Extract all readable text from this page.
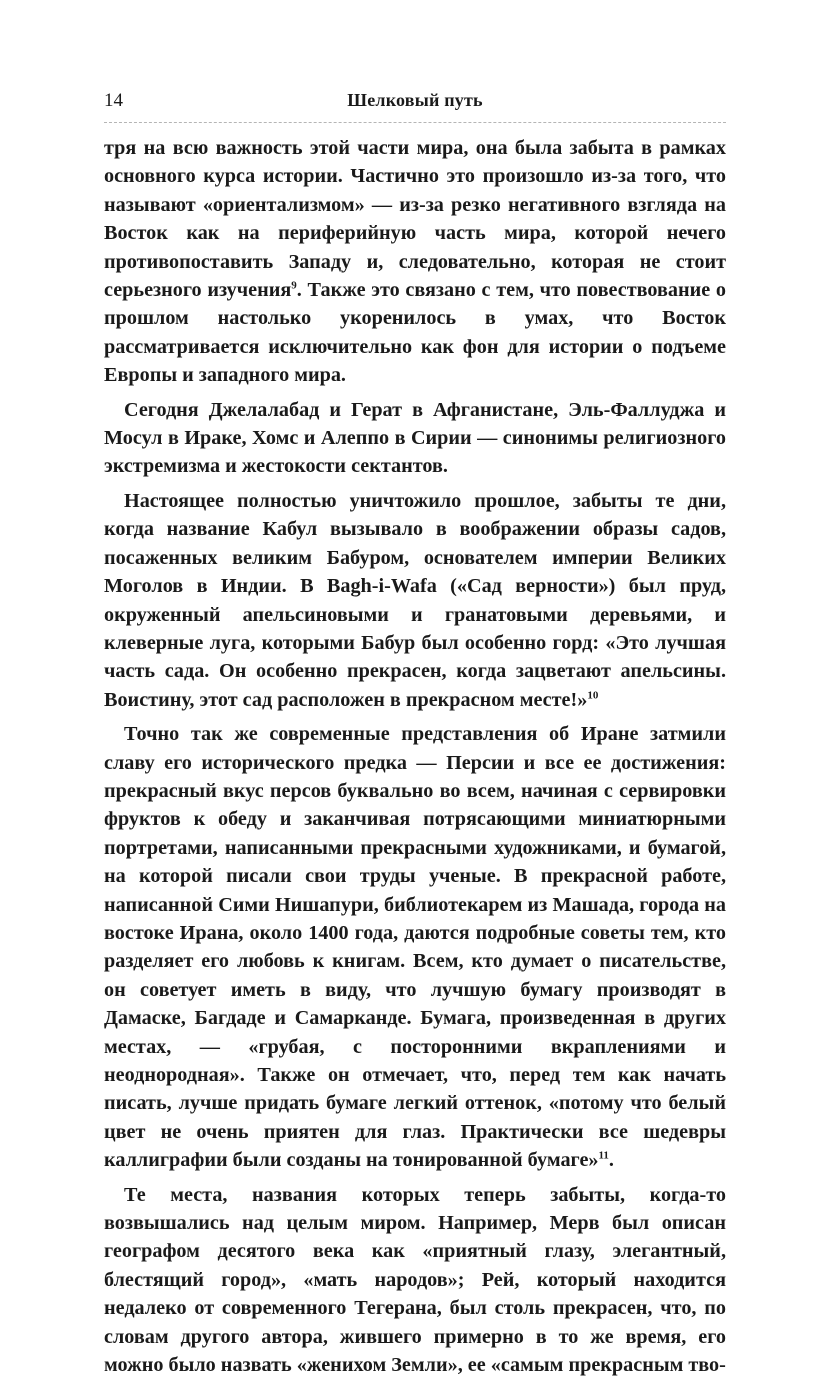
14	Шелковый путь

тря на всю важность этой части мира, она была забыта в рамках основного курса истории. Частично это произошло из-за того, что называют «ориентализмом» — из-за резко негативного взгляда на Восток как на периферийную часть мира, которой нечего противопоставить Западу и, следовательно, которая не стоит серьезного изучения$^9$. Также это связано с тем, что повествование о прошлом настолько укоренилось в умах, что Восток рассматривается исключительно как фон для истории о подъеме Европы и западного мира.

Сегодня Джелалабад и Герат в Афганистане, Эль-Фаллуджа и Мосул в Ираке, Хомс и Алеппо в Сирии — синонимы религиозного экстремизма и жестокости сектантов.

Настоящее полностью уничтожило прошлое, забыты те дни, когда название Кабул вызывало в воображении образы садов, посаженных великим Бабуром, основателем империи Великих Моголов в Индии. В Bagh-i-Wafa («Сад верности») был пруд, окруженный апельсиновыми и гранатовыми деревьями, и клеверные луга, которыми Бабур был особенно горд: «Это лучшая часть сада. Он особенно прекрасен, когда зацветают апельсины. Воистину, этот сад расположен в прекрасном месте!»$^{10}$

Точно так же современные представления об Иране затмили славу его исторического предка — Персии и все ее достижения: прекрасный вкус персов буквально во всем, начиная с сервировки фруктов к обеду и заканчивая потрясающими миниатюрными портретами, написанными прекрасными художниками, и бумагой, на которой писали свои труды ученые. В прекрасной работе, написанной Сими Нишапури, библиотекарем из Машада, города на востоке Ирана, около 1400 года, даются подробные советы тем, кто разделяет его любовь к книгам. Всем, кто думает о писательстве, он советует иметь в виду, что лучшую бумагу производят в Дамаске, Багдаде и Самарканде. Бумага, произведенная в других местах, — «грубая, с посторонними вкраплениями и неоднородная». Также он отмечает, что, перед тем как начать писать, лучше придать бумаге легкий оттенок, «потому что белый цвет не очень приятен для глаз. Практически все шедевры каллиграфии были созданы на тонированной бумаге»$^{11}$.

Те места, названия которых теперь забыты, когда-то возвышались над целым миром. Например, Мерв был описан географом десятого века как «приятный глазу, элегантный, блестящий город», «мать народов»; Рей, который находится недалеко от современного Тегерана, был столь прекрасен, что, по словам другого автора, жившего примерно в то же время, его можно было назвать «женихом Земли», ее «самым прекрасным тво-
